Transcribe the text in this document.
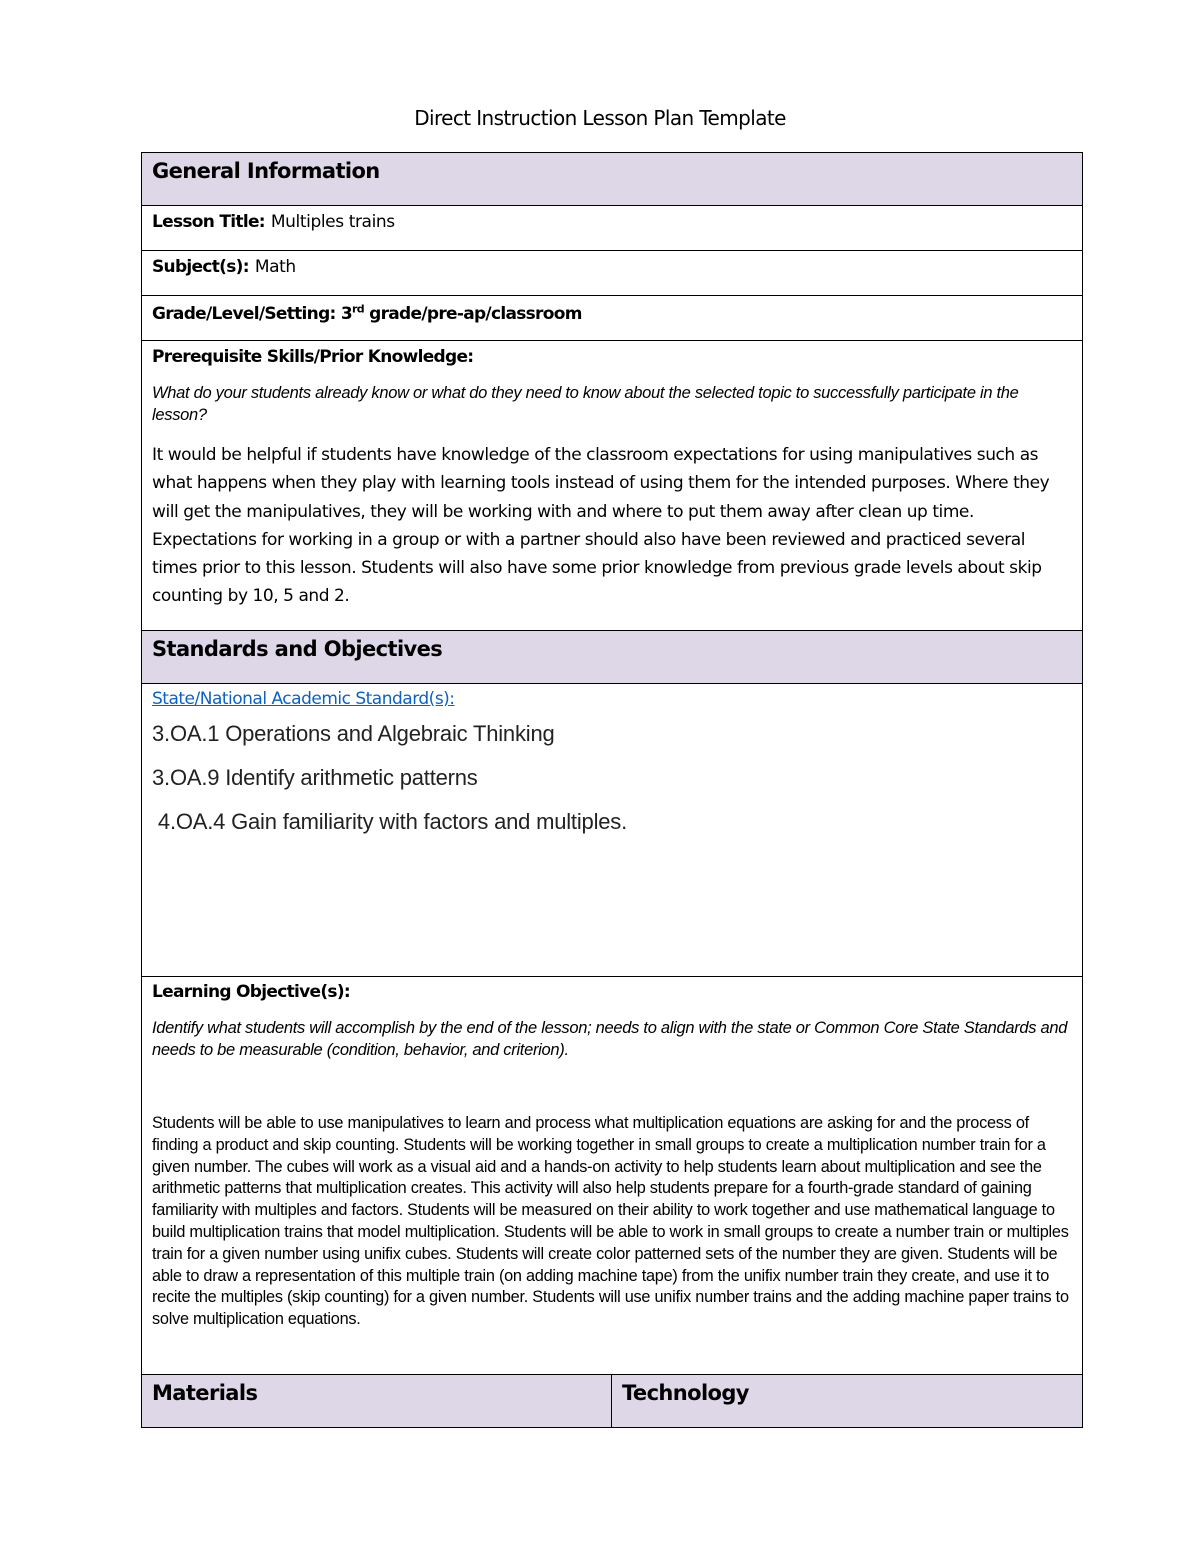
Direct Instruction Lesson Plan Template
General Information
Lesson Title: Multiples trains
Subject(s): Math
Grade/Level/Setting: 3rd grade/pre-ap/classroom

Prerequisite Skills/Prior Knowledge:

What do your students already know or what do they need to know about the selected topic to successfully participate in the lesson?

It would be helpful if students have knowledge of the classroom expectations for using manipulatives such as what happens when they play with learning tools instead of using them for the intended purposes. Where they will get the manipulatives, they will be working with and where to put them away after clean up time. Expectations for working in a group or with a partner should also have been reviewed and practiced several times prior to this lesson. Students will also have some prior knowledge from previous grade levels about skip counting by 10, 5 and 2.

Standards and Objectives

State/National Academic Standard(s):

3.OA.1 Operations and Algebraic Thinking

3.OA.9 Identify arithmetic patterns

4.OA.4 Gain familiarity with factors and multiples.

Learning Objective(s):

Identify what students will accomplish by the end of the lesson; needs to align with the state or Common Core State Standards and needs to be measurable (condition, behavior, and criterion).

Students will be able to use manipulatives to learn and process what multiplication equations are asking for and the process of finding a product and skip counting. Students will be working together in small groups to create a multiplication number train for a given number. The cubes will work as a visual aid and a hands-on activity to help students learn about multiplication and see the arithmetic patterns that multiplication creates. This activity will also help students prepare for a fourth-grade standard of gaining familiarity with multiples and factors. Students will be measured on their ability to work together and use mathematical language to build multiplication trains that model multiplication. Students will be able to work in small groups to create a number train or multiples train for a given number using unifix cubes. Students will create color patterned sets of the number they are given. Students will be able to draw a representation of this multiple train (on adding machine tape) from the unifix number train they create, and use it to recite the multiples (skip counting) for a given number. Students will use unifix number trains and the adding machine paper trains to solve multiplication equations.

Materials	Technology
